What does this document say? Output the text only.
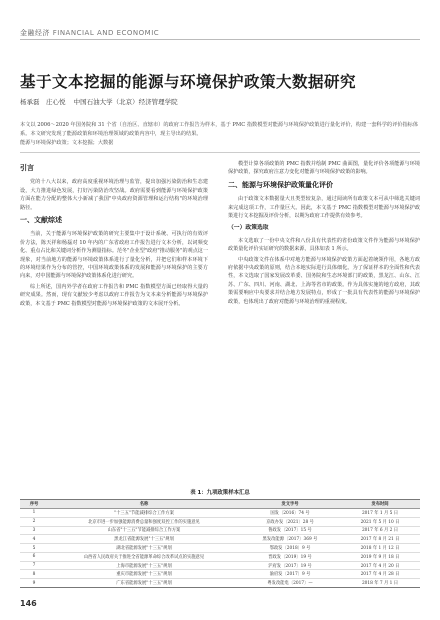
金融经济 FINANCIAL AND ECONOMIC
基于文本挖掘的能源与环境保护政策大数据研究
杨承磊　庄心悦 中国石油大学（北京）经济管理学院
本文以 2006～2020 年国务院和 31 个省（自治区、直辖市）的政府工作报告为样本，基于 PMC 指数模型对能源与环境保护政策进行量化评价，构建一套科学的评价指标体系。本文研究发现了能源政策和环境治理领域的政策内容中，现主导出的结果。
能源与环境保护政策；文本挖掘；大数据
引言

党的十八大以来，政府高度重视环境治理与监管，提出加强污染防治和生态建设，大力推进绿色发展，打好污染防治攻坚战。政府需要看到能源与环境保护政策方面在能力分配的整体大小新减了我国"中央政府资源管理和运行结构"的环境治理路径。

一、文献综述

当前，关于能源与环境保护政策的研究主要集中于设计系统、可执行的有效评价方法，陈天祥和杨磊对 10 年内的广东省政府工作报告进行文本分析，以词频变化、重点占比和关键词分析作为测量指标。范冬"企业型"政府"推动服务"的观点这一现象，对当前地方的能源与环境政策体系进行了量化分析，并把它们和样本环境下的环境结果作为分布的管控，中国环境政策体系的发展和能源与环境保护的主要方向来，对中国能源与环境保护政策体系化进行研究。

综上所述，国内外学者在政府工作报告和 PMC 指数模型方面已经取得大量的研究成果。然而，现有文献较少考虑以政府工作报告为文本来分析能源与环境保护政策，本文基于 PMC 指数模型对能源与环境保护政策的文本展开分析。

模型计算各项政策的 PMC 指数并绘制 PMC 曲面图，量化评价各项能源与环境保护政策，探究政府注意力变化对能源与环境保护政策的影响。

二、能源与环境保护政策量化评价

由于政策文本数据量大且类型较复杂，通过阅读所有政策文本可从中筛选关键词来完成这项工作，工作量巨大。因此，本文基于 PMC 指数模型对能源与环境保护政策进行文本挖掘及评价分析，以期为政府工作提供有效参考。

（一）政策选取

本文选取了一份中央文件和八份具有代表性的省份政策文件作为能源与环境保护政策量化评价实证研究的数据来源，具体如表 1 所示。

中央政策文件在体系中对地方能源与环境保护政策方面起着统领作用，各地方政府依据中央政策的原则，结合本地实际进行具体细化。为了保证样本的全面性和代表性，本文选取了国家发展改革委、国务院和生态环境部门的政策，黑龙江、山东、江苏、广东、四川、河南、湖北、上海等省市的政策。作为具体实施的地方政府，其政策需要响应中央要求并结合地方发展特点，形成了一批具有代表性的能源与环境保护政策，也体现出了政府对能源与环境治理的重视程度。

表 1：九项政策样本汇总
序号	名称	发文字号	发布时间
1	"十三五"节能减排综合工作方案	国发〔2016〕74 号	2017 年 1 月 5 日
2	北京市进一步加强能源消费总量和强度双控工作的实施意见	京政办发〔2021〕28 号	2021 年 5 月 10 日
3	山东省"十三五"节能减排综合工作方案	鲁政发〔2017〕15 号	2017 年 6 月 2 日
4	黑龙江省能源发展"十三五"规划	黑发改能源〔2017〕369 号	2017 年 8 月 21 日
5	湖北省能源发展"十三五"规划	鄂政发〔2018〕9 号	2018 年 1 月 12 日
6	山西省人民政府关于推进全省能源革命综合改革试点的实施意见	晋政发〔2019〕19 号	2019 年 9 月 18 日
7	上海市能源发展"十三五"规划	沪府发〔2017〕19 号	2017 年 4 月 20 日
8	重庆市能源发展"十三五"规划	渝府发〔2017〕9 号	2017 年 4 月 28 日
9	广东省能源发展"十三五"规划	粤发改能电〔2017〕—	2018 年 7 月 1 日
146
